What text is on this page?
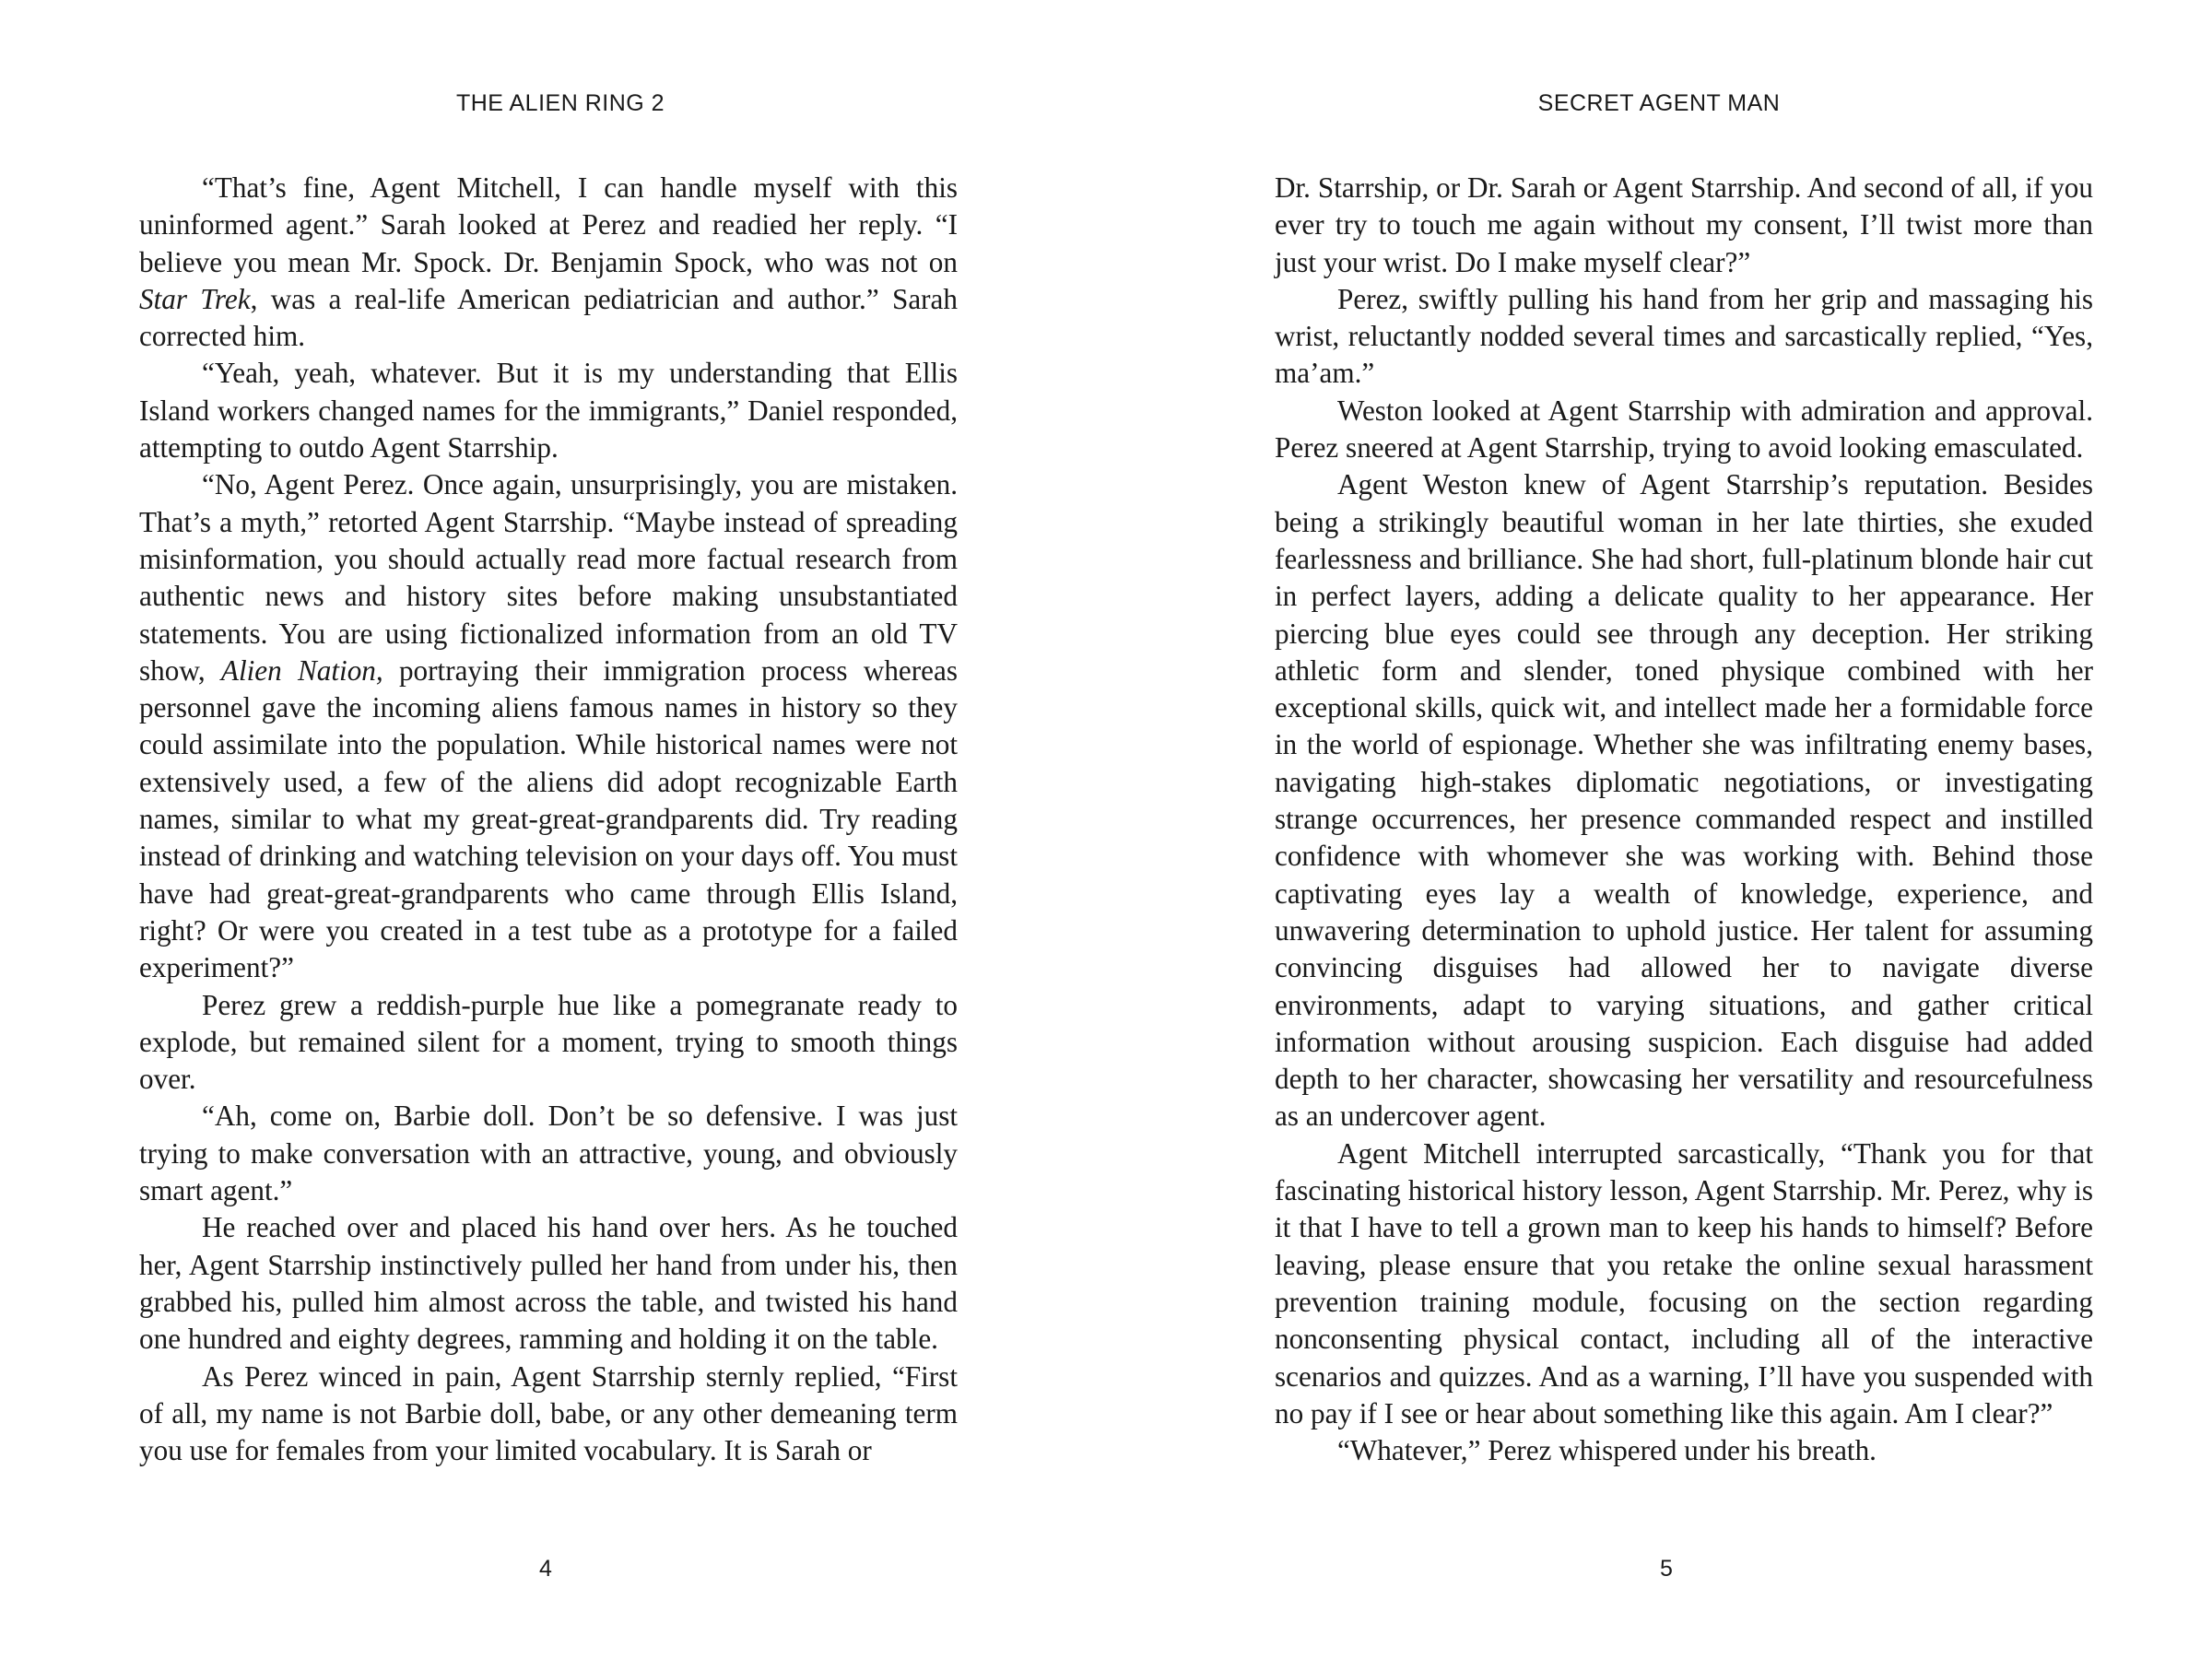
THE ALIEN RING 2

“That’s fine, Agent Mitchell, I can handle myself with this uninformed agent.” Sarah looked at Perez and readied her reply. “I believe you mean Mr. Spock. Dr. Benjamin Spock, who was not on Star Trek, was a real-life American pediatrician and author.” Sarah corrected him.

“Yeah, yeah, whatever. But it is my understanding that Ellis Island workers changed names for the immigrants,” Daniel responded, attempting to outdo Agent Starrship.

“No, Agent Perez. Once again, unsurprisingly, you are mistaken. That’s a myth,” retorted Agent Starrship. “Maybe instead of spreading misinformation, you should actually read more factual research from authentic news and history sites before making unsubstantiated statements. You are using fictionalized information from an old TV show, Alien Nation, portraying their immigration process whereas personnel gave the incoming aliens famous names in history so they could assimilate into the population. While historical names were not extensively used, a few of the aliens did adopt recognizable Earth names, similar to what my great-great-grandparents did. Try reading instead of drinking and watching television on your days off. You must have had great-great-grandparents who came through Ellis Island, right? Or were you created in a test tube as a prototype for a failed experiment?”

Perez grew a reddish-purple hue like a pomegranate ready to explode, but remained silent for a moment, trying to smooth things over.

“Ah, come on, Barbie doll. Don’t be so defensive. I was just trying to make conversation with an attractive, young, and obviously smart agent.”

He reached over and placed his hand over hers. As he touched her, Agent Starrship instinctively pulled her hand from under his, then grabbed his, pulled him almost across the table, and twisted his hand one hundred and eighty degrees, ramming and holding it on the table.

As Perez winced in pain, Agent Starrship sternly replied, “First of all, my name is not Barbie doll, babe, or any other demeaning term you use for females from your limited vocabulary. It is Sarah or

4
SECRET AGENT MAN

Dr. Starrship, or Dr. Sarah or Agent Starrship. And second of all, if you ever try to touch me again without my consent, I’ll twist more than just your wrist. Do I make myself clear?”

Perez, swiftly pulling his hand from her grip and massaging his wrist, reluctantly nodded several times and sarcastically replied, “Yes, ma’am.”

Weston looked at Agent Starrship with admiration and approval. Perez sneered at Agent Starrship, trying to avoid looking emasculated.

Agent Weston knew of Agent Starrship’s reputation. Besides being a strikingly beautiful woman in her late thirties, she exuded fearlessness and brilliance. She had short, full-platinum blonde hair cut in perfect layers, adding a delicate quality to her appearance. Her piercing blue eyes could see through any deception. Her striking athletic form and slender, toned physique combined with her exceptional skills, quick wit, and intellect made her a formidable force in the world of espionage. Whether she was infiltrating enemy bases, navigating high-stakes diplomatic negotiations, or investigating strange occurrences, her presence commanded respect and instilled confidence with whomever she was working with. Behind those captivating eyes lay a wealth of knowledge, experience, and unwavering determination to uphold justice. Her talent for assuming convincing disguises had allowed her to navigate diverse environments, adapt to varying situations, and gather critical information without arousing suspicion. Each disguise had added depth to her character, showcasing her versatility and resourcefulness as an undercover agent.

Agent Mitchell interrupted sarcastically, “Thank you for that fascinating historical history lesson, Agent Starrship. Mr. Perez, why is it that I have to tell a grown man to keep his hands to himself? Before leaving, please ensure that you retake the online sexual harassment prevention training module, focusing on the section regarding nonconsenting physical contact, including all of the interactive scenarios and quizzes. And as a warning, I’ll have you suspended with no pay if I see or hear about something like this again. Am I clear?”

“Whatever,” Perez whispered under his breath.

5
